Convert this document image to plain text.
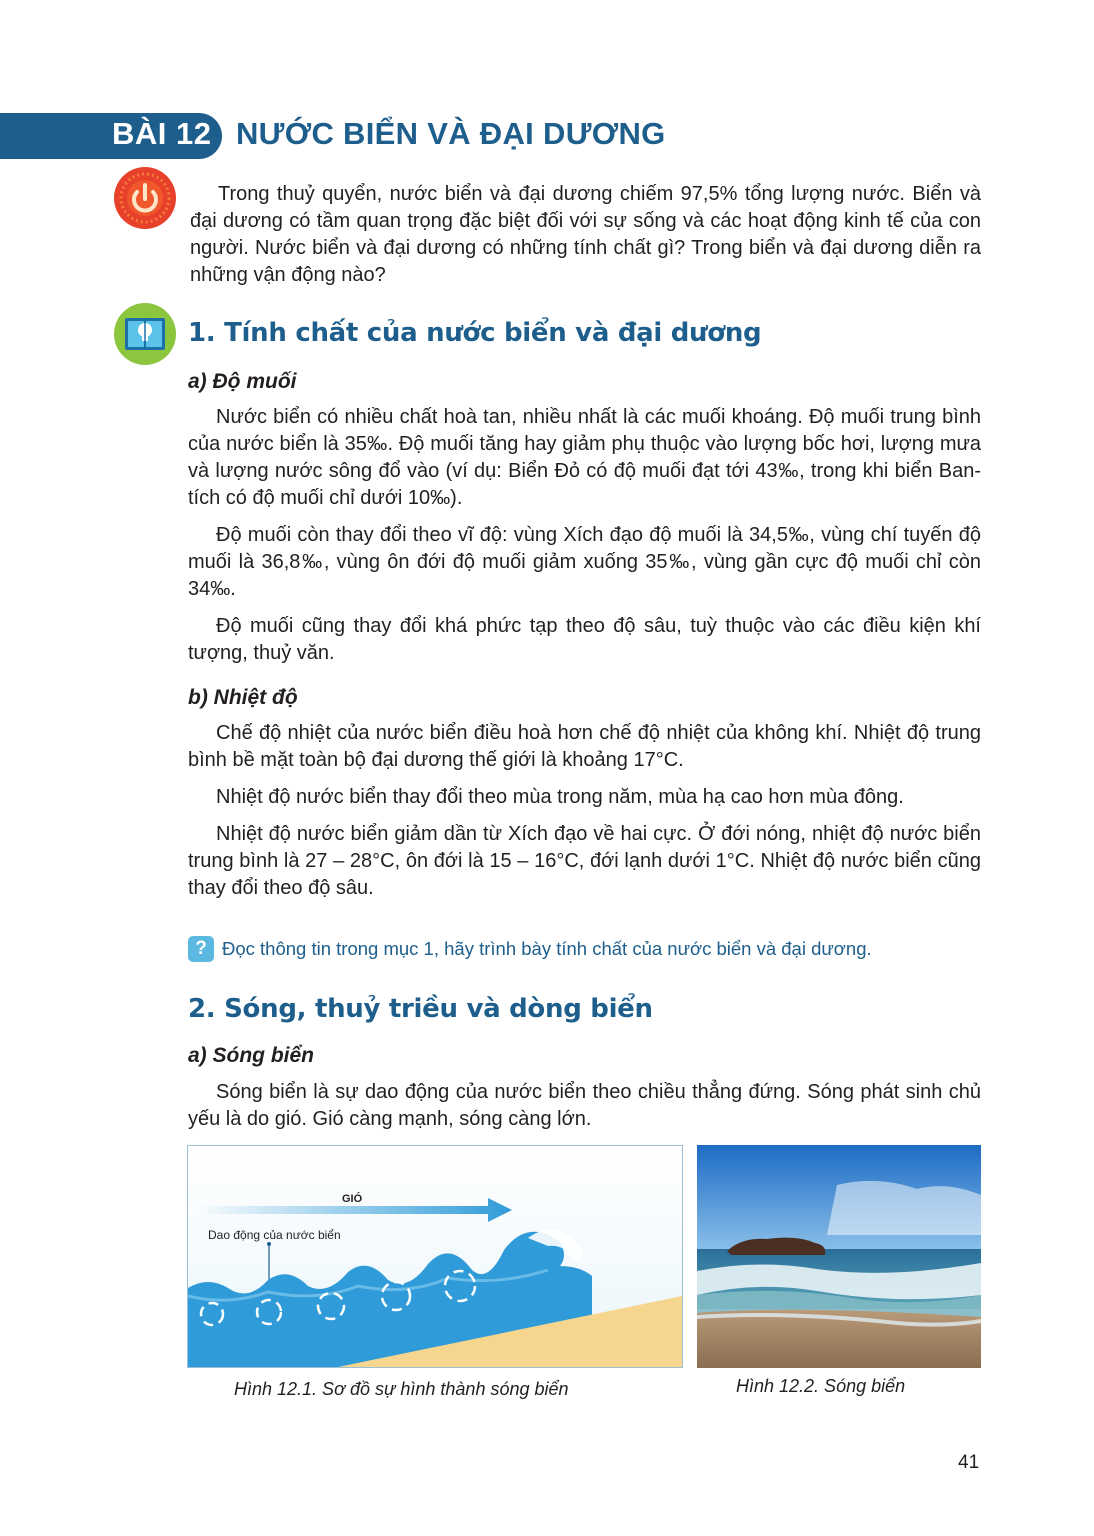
BÀI 12 NƯỚC BIỂN VÀ ĐẠI DƯƠNG

Trong thuỷ quyển, nước biển và đại dương chiếm 97,5% tổng lượng nước. Biển và đại dương có tầm quan trọng đặc biệt đối với sự sống và các hoạt động kinh tế của con người. Nước biển và đại dương có những tính chất gì? Trong biển và đại dương diễn ra những vận động nào?

1. Tính chất của nước biển và đại dương
a) Độ muối

Nước biển có nhiều chất hoà tan, nhiều nhất là các muối khoáng. Độ muối trung bình của nước biển là 35‰. Độ muối tăng hay giảm phụ thuộc vào lượng bốc hơi, lượng mưa và lượng nước sông đổ vào (ví dụ: Biển Đỏ có độ muối đạt tới 43‰, trong khi biển Ban-tích có độ muối chỉ dưới 10‰).

Độ muối còn thay đổi theo vĩ độ: vùng Xích đạo độ muối là 34,5‰, vùng chí tuyến độ muối là 36,8‰, vùng ôn đới độ muối giảm xuống 35‰, vùng gần cực độ muối chỉ còn 34‰.

Độ muối cũng thay đổi khá phức tạp theo độ sâu, tuỳ thuộc vào các điều kiện khí tượng, thuỷ văn.

b) Nhiệt độ

Chế độ nhiệt của nước biển điều hoà hơn chế độ nhiệt của không khí. Nhiệt độ trung bình bề mặt toàn bộ đại dương thế giới là khoảng 17°C.

Nhiệt độ nước biển thay đổi theo mùa trong năm, mùa hạ cao hơn mùa đông.

Nhiệt độ nước biển giảm dần từ Xích đạo về hai cực. Ở đới nóng, nhiệt độ nước biển trung bình là 27 – 28°C, ôn đới là 15 – 16°C, đới lạnh dưới 1°C. Nhiệt độ nước biển cũng thay đổi theo độ sâu.

? Đọc thông tin trong mục 1, hãy trình bày tính chất của nước biển và đại dương.
2. Sóng, thuỷ triều và dòng biển
a) Sóng biển

Sóng biển là sự dao động của nước biển theo chiều thẳng đứng. Sóng phát sinh chủ yếu là do gió. Gió càng mạnh, sóng càng lớn.

GIÓ
Dao động của nước biển
Hình 12.1. Sơ đồ sự hình thành sóng biển	Hình 12.2. Sóng biển
41
